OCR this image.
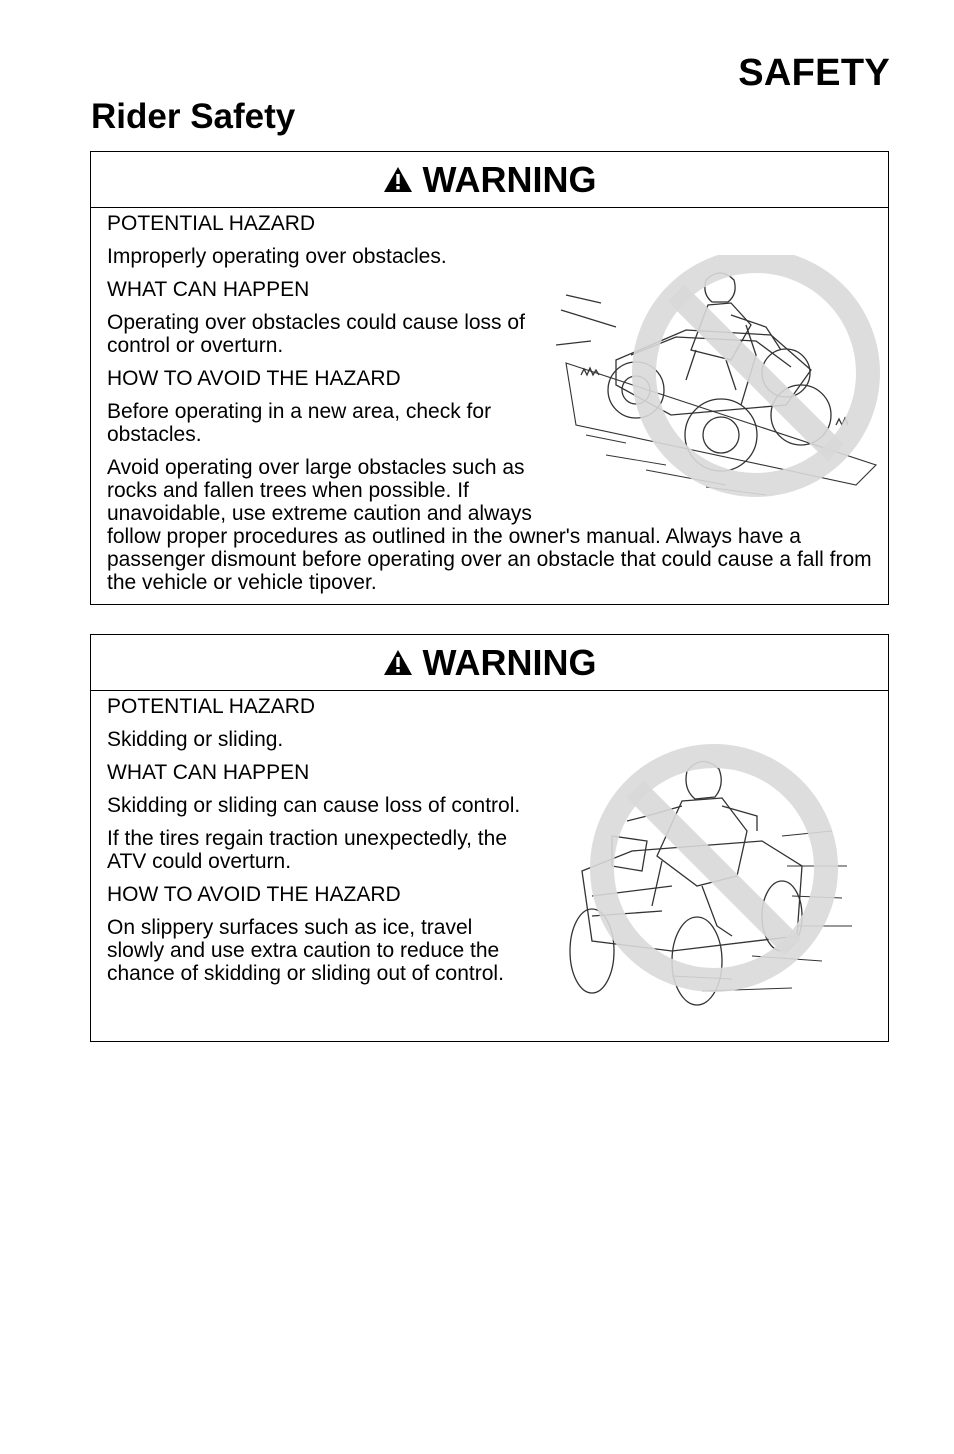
SAFETY
Rider Safety
WARNING

POTENTIAL HAZARD

Improperly operating over obstacles.

WHAT CAN HAPPEN

Operating over obstacles could cause loss of control or overturn.

HOW TO AVOID THE HAZARD

Before operating in a new area, check for obstacles.

Avoid operating over large obstacles such as rocks and fallen trees when possible. If unavoidable, use extreme caution and always follow proper procedures as outlined in the owner's manual. Always have a passenger dismount before operating over an obstacle that could cause a fall from the vehicle or vehicle tipover.

WARNING

POTENTIAL HAZARD

Skidding or sliding.

WHAT CAN HAPPEN

Skidding or sliding can cause loss of control.

If the tires regain traction unexpectedly, the ATV could overturn.

HOW TO AVOID THE HAZARD

On slippery surfaces such as ice, travel slowly and use extra caution to reduce the chance of skidding or sliding out of control.
